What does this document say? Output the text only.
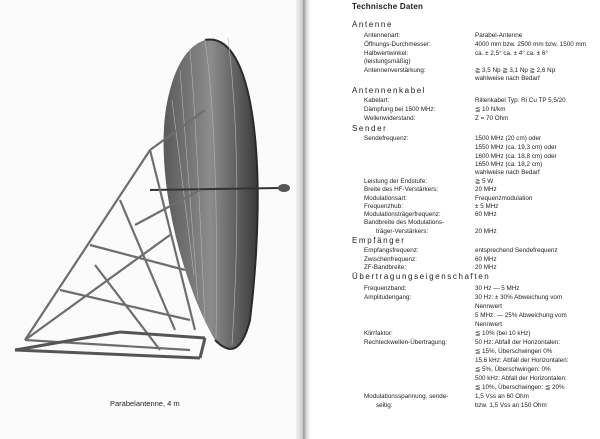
Parabelantenne, 4 m
Technische Daten
Antenne
Antennenart:	Parabel-Antenne
Öffnungs-Durchmesser:	4000 mm bzw. 2500 mm bzw. 1500 mm
Halbwertwinkel:	ca. ± 2,5° ca. ± 4° ca. ± 6°
(leistungsmäßig)
Antennenverstärkung:	≧ 3,5 Np ≧ 3,1 Np ≧ 2,6 Np
wahlweise nach Bedarf
Antennenkabel
Kabelart:	Rillenkabel Typ: Ri Cu TP 5,5/20
Dämpfung bei 1500 MHz:	≦ 10 N/km
Wellenwiderstand:	Z = 70 Ohm
Sender
Sendefrequenz:	1500 MHz (20 cm) oder
1550 MHz (ca. 19,3 cm) oder
1600 MHz (ca. 18,8 cm) oder
1650 MHz (ca. 18,2 cm)
wahlweise nach Bedarf
Leistung der Endstufe:	≧ 5 W
Breite des HF-Verstärkers:	20 MHz
Modulationsart:	Frequenzmodulation
Frequenzhub:	± 5 MHz
Modulationsträgerfrequenz:	60 MHz
Bandbreite des Modulations-
träger-Verstärkers:	20 MHz
Empfänger
Empfangsfrequenz:	entsprechend Sendefrequenz
Zwischenfrequenz:	60 MHz
ZF-Bandbreite:	20 MHz
Übertragungseigenschaften
Frequenzband:	30 Hz — 5 MHz
Amplitudengang:	30 Hz: ± 30% Abweichung vom
Nennwert
5 MHz: — 25% Abweichung vom
Nennwert
Klirrfaktor:	≦ 10% (bei 10 kHz)
Rechteckwellen-Übertragung:	50 Hz: Abfall der Horizontalen:
≦ 15%, Überschwingen 0%
15,6 kHz: Abfall der Horizontalen:
≦ 5%, Überschwingen: 0%
500 kHz: Abfall der Horizontalen:
≦ 10%, Überschwingen: ≦ 20%
Modulationsspannung, sende-	1,5 Vss an 60 Ohm
seitig:	bzw. 1,5 Vss an 150 Ohm
